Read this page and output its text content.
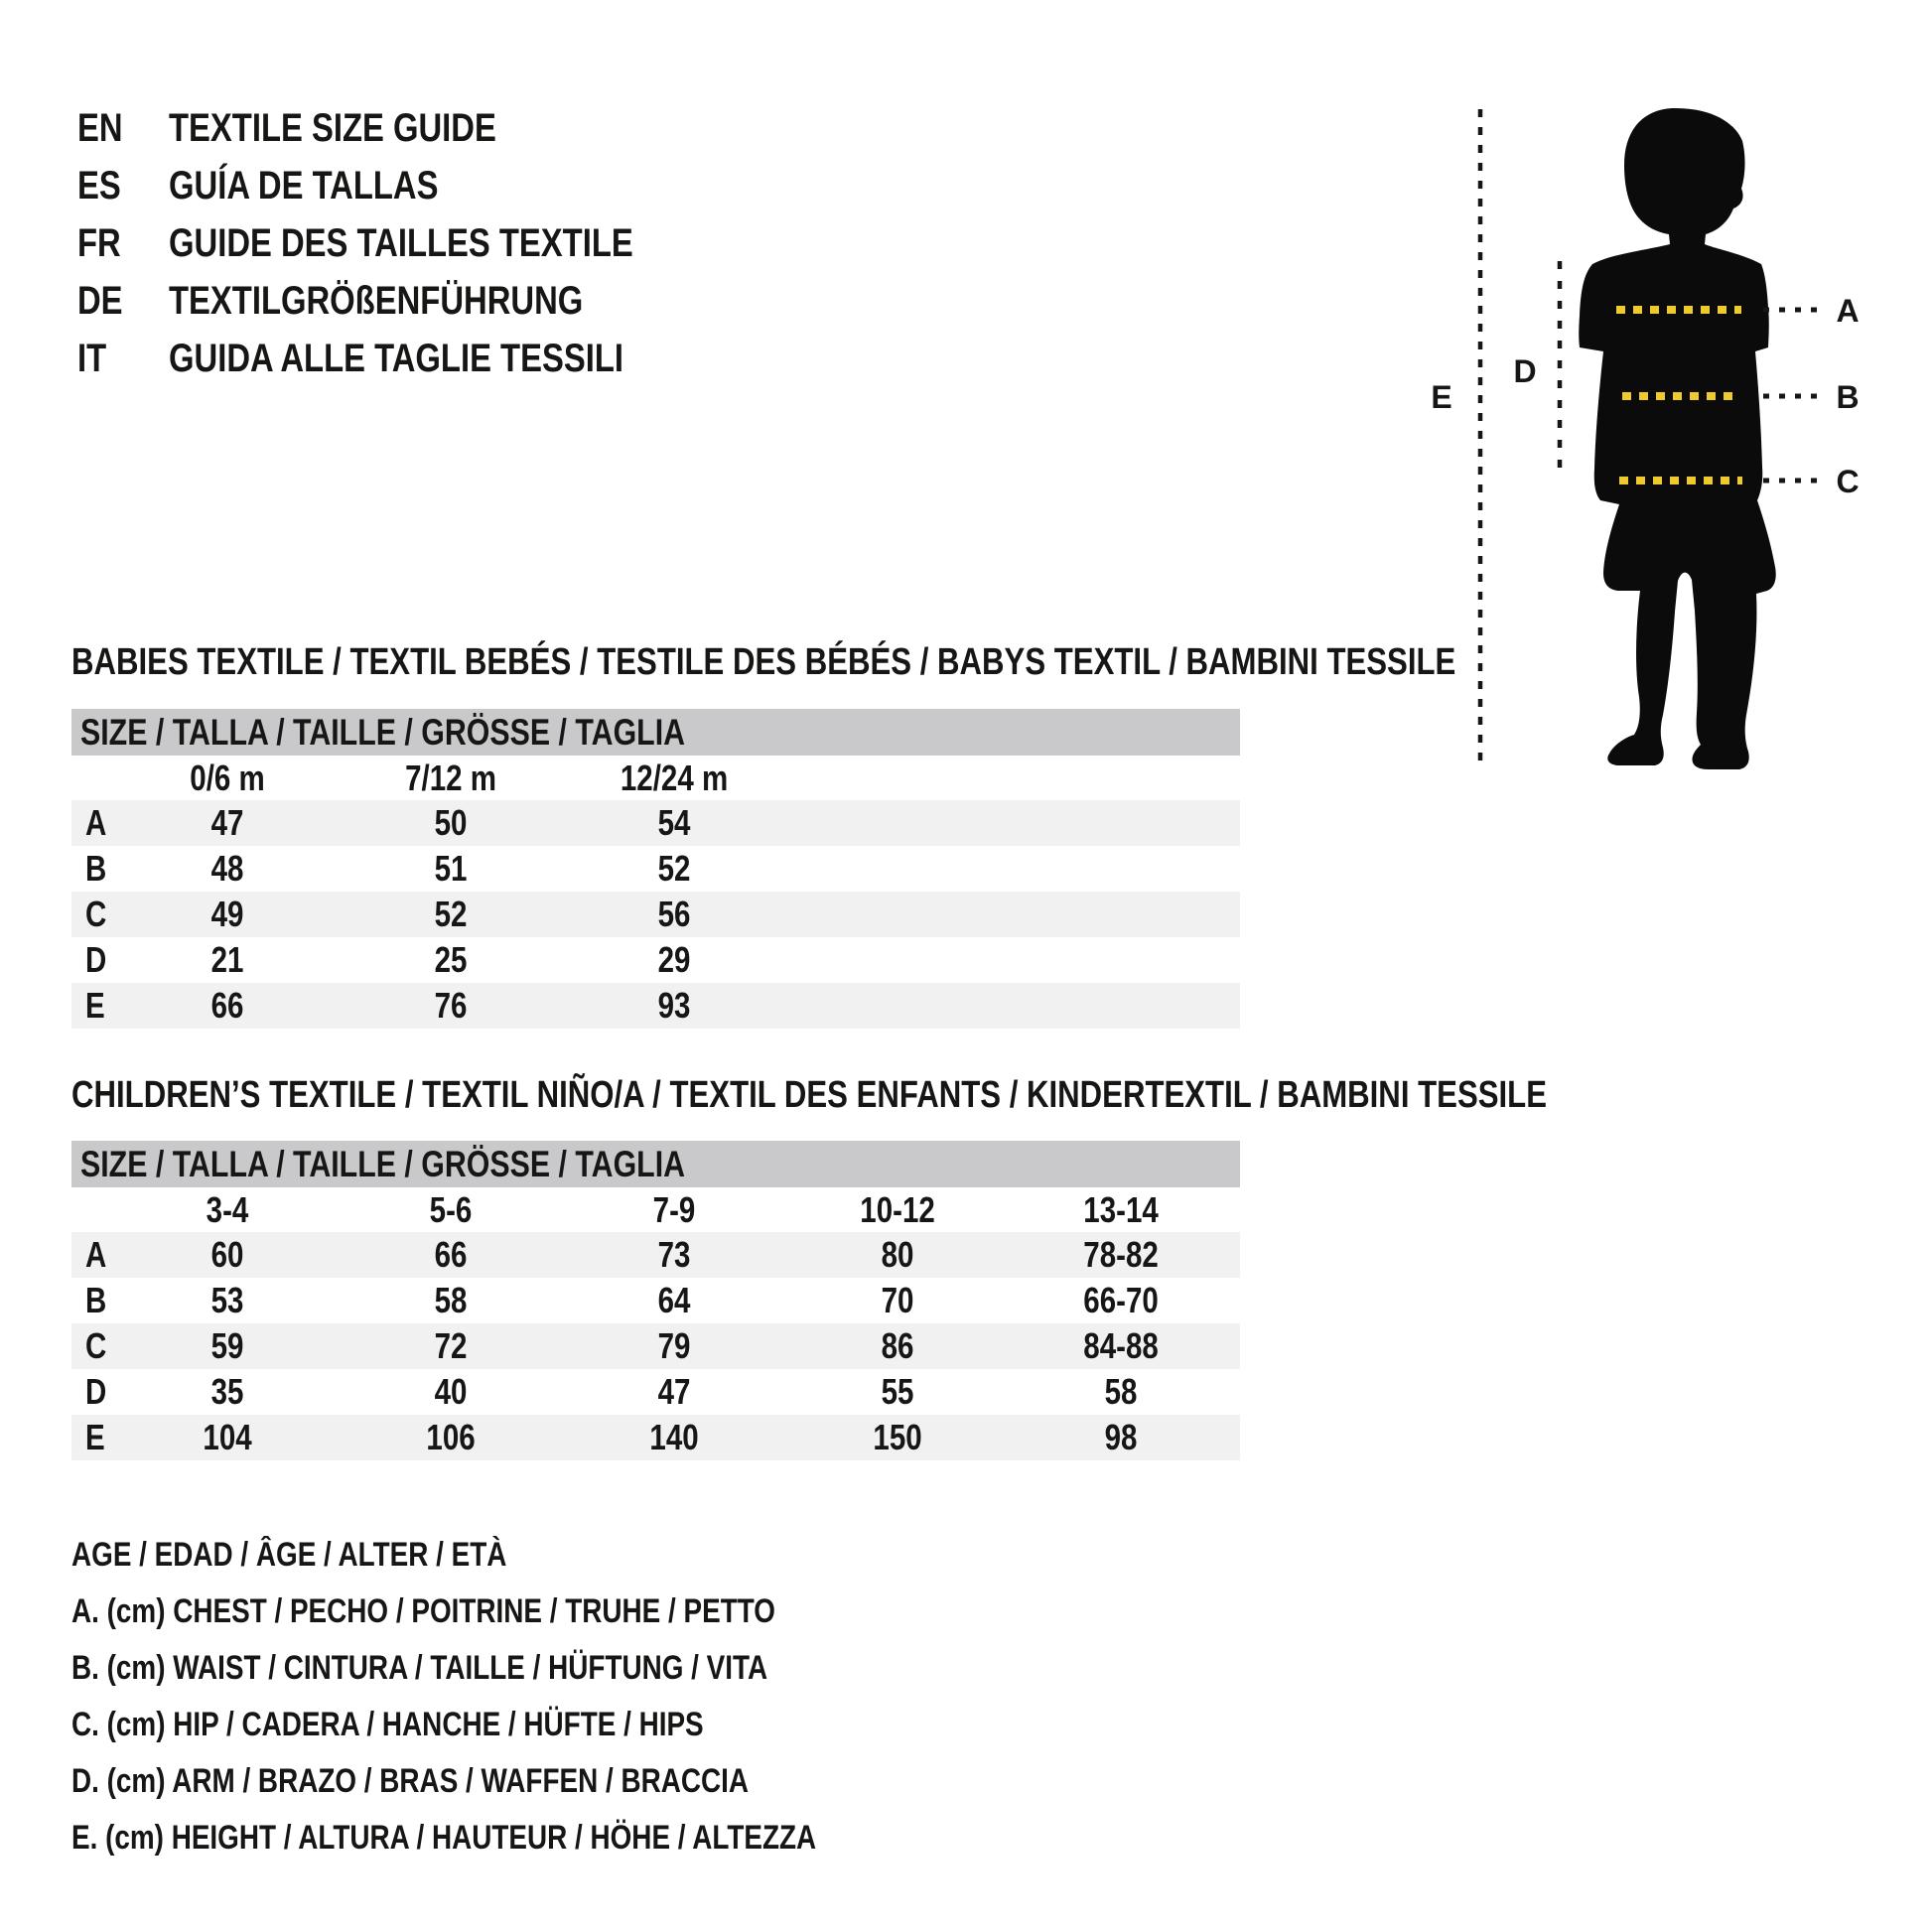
EN	TEXTILE SIZE GUIDE
ES	GUÍA DE TALLAS
FR	GUIDE DES TAILLES TEXTILE
DE	TEXTILGRÖßENFÜHRUNG
IT	GUIDA ALLE TAGLIE TESSILI
A
B
C
D
E
BABIES TEXTILE / TEXTIL BEBÉS / TESTILE DES BÉBÉS / BABYS TEXTIL / BAMBINI TESSILE
SIZE / TALLA / TAILLE / GRÖSSE / TAGLIA
0/6 m	7/12 m	12/24 m
A	47	50	54
B	48	51	52
C	49	52	56
D	21	25	29
E	66	76	93
CHILDREN’S TEXTILE / TEXTIL NIÑO/A / TEXTIL DES ENFANTS / KINDERTEXTIL / BAMBINI TESSILE
SIZE / TALLA / TAILLE / GRÖSSE / TAGLIA
3-4	5-6	7-9	10-12	13-14
A	60	66	73	80	78-82
B	53	58	64	70	66-70
C	59	72	79	86	84-88
D	35	40	47	55	58
E	104	106	140	150	98
AGE / EDAD / ÂGE / ALTER / ETÀ
A. (cm) CHEST / PECHO / POITRINE / TRUHE / PETTO
B. (cm) WAIST / CINTURA / TAILLE / HÜFTUNG / VITA
C. (cm) HIP / CADERA / HANCHE / HÜFTE / HIPS
D. (cm) ARM / BRAZO / BRAS / WAFFEN / BRACCIA
E. (cm) HEIGHT / ALTURA / HAUTEUR / HÖHE / ALTEZZA
